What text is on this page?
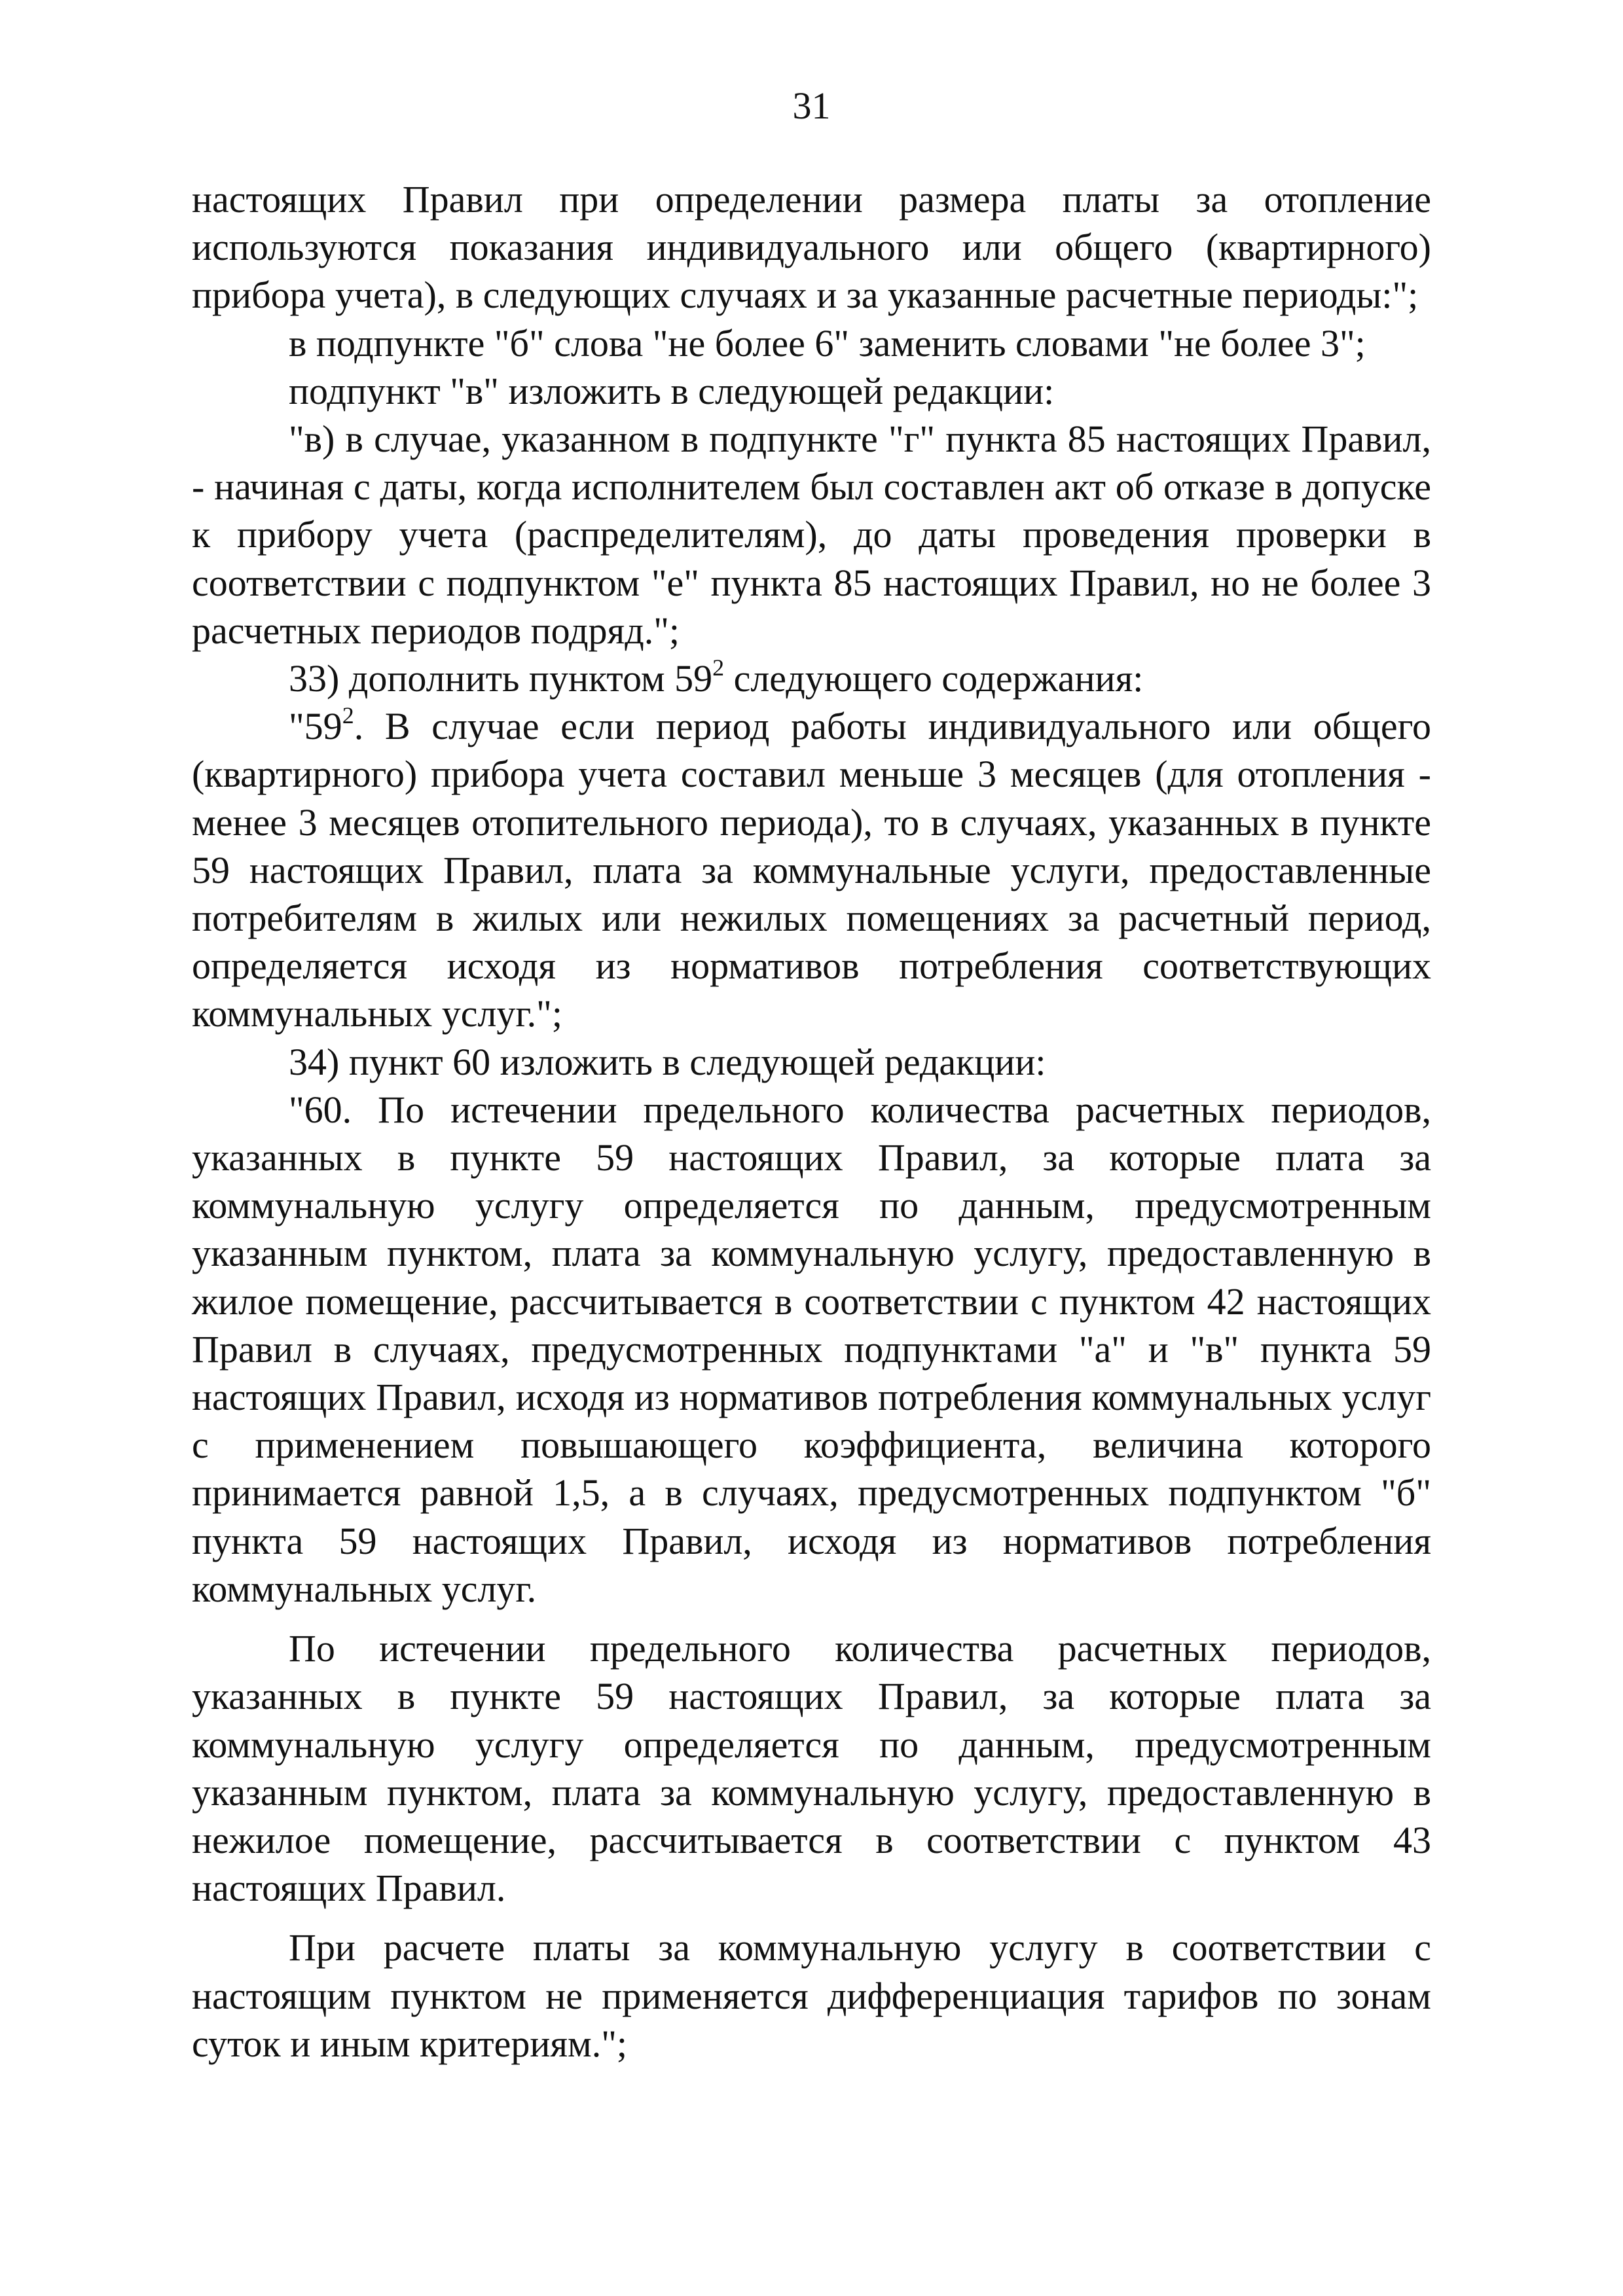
31

настоящих Правил при определении размера платы за отопление используются показания индивидуального или общего (квартирного) прибора учета), в следующих случаях и за указанные расчетные периоды:";

в подпункте "б" слова "не более 6" заменить словами "не более 3";

подпункт "в" изложить в следующей редакции:

"в) в случае, указанном в подпункте "г" пункта 85 настоящих Правил, - начиная с даты, когда исполнителем был составлен акт об отказе в допуске к прибору учета (распределителям), до даты проведения проверки в соответствии с подпунктом "е" пункта 85 настоящих Правил, но не более 3 расчетных периодов подряд.";

33) дополнить пунктом $59^2$ следующего содержания:

"$59^2$. В случае если период работы индивидуального или общего (квартирного) прибора учета составил меньше 3 месяцев (для отопления - менее 3 месяцев отопительного периода), то в случаях, указанных в пункте 59 настоящих Правил, плата за коммунальные услуги, предоставленные потребителям в жилых или нежилых помещениях за расчетный период, определяется исходя из нормативов потребления соответствующих коммунальных услуг.";

34) пункт 60 изложить в следующей редакции:

"60. По истечении предельного количества расчетных периодов, указанных в пункте 59 настоящих Правил, за которые плата за коммунальную услугу определяется по данным, предусмотренным указанным пунктом, плата за коммунальную услугу, предоставленную в жилое помещение, рассчитывается в соответствии с пунктом 42 настоящих Правил в случаях, предусмотренных подпунктами "а" и "в" пункта 59 настоящих Правил, исходя из нормативов потребления коммунальных услуг с применением повышающего коэффициента, величина которого принимается равной 1,5, а в случаях, предусмотренных подпунктом "б" пункта 59 настоящих Правил, исходя из нормативов потребления коммунальных услуг.

По истечении предельного количества расчетных периодов, указанных в пункте 59 настоящих Правил, за которые плата за коммунальную услугу определяется по данным, предусмотренным указанным пунктом, плата за коммунальную услугу, предоставленную в нежилое помещение, рассчитывается в соответствии с пунктом 43 настоящих Правил.

При расчете платы за коммунальную услугу в соответствии с настоящим пунктом не применяется дифференциация тарифов по зонам суток и иным критериям.";
